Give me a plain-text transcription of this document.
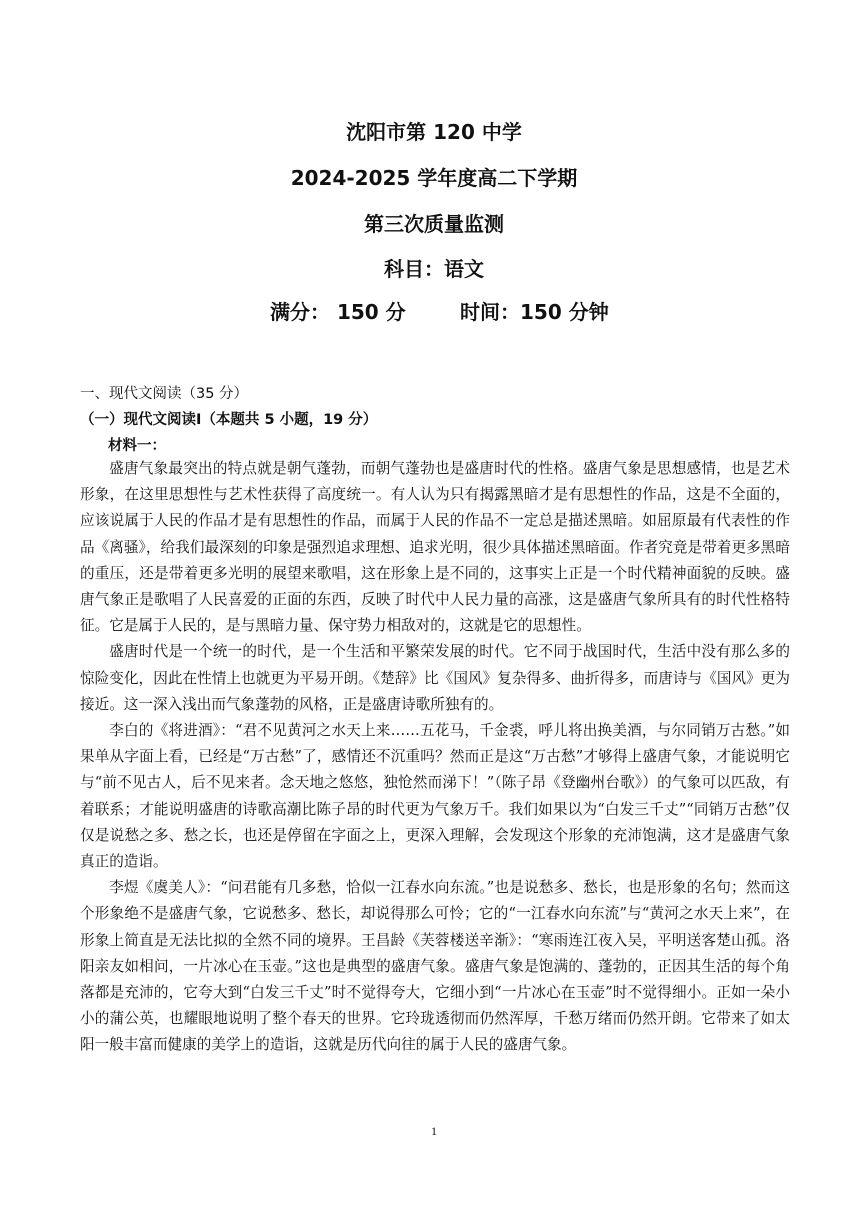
沈阳市第 120 中学
2024-2025 学年度高二下学期
第三次质量监测
科目：语文
满分： 150 分	时间：150 分钟
一、现代文阅读（35 分）
（一）现代文阅读Ⅰ（本题共 5 小题，19 分）
材料一：

盛唐气象最突出的特点就是朝气蓬勃，而朝气蓬勃也是盛唐时代的性格。盛唐气象是思想感情，也是艺术形象，在这里思想性与艺术性获得了高度统一。有人认为只有揭露黑暗才是有思想性的作品，这是不全面的，应该说属于人民的作品才是有思想性的作品，而属于人民的作品不一定总是描述黑暗。如屈原最有代表性的作品《离骚》，给我们最深刻的印象是强烈追求理想、追求光明，很少具体描述黑暗面。作者究竟是带着更多黑暗的重压，还是带着更多光明的展望来歌唱，这在形象上是不同的，这事实上正是一个时代精神面貌的反映。盛唐气象正是歌唱了人民喜爱的正面的东西，反映了时代中人民力量的高涨，这是盛唐气象所具有的时代性格特征。它是属于人民的，是与黑暗力量、保守势力相敌对的，这就是它的思想性。

盛唐时代是一个统一的时代，是一个生活和平繁荣发展的时代。它不同于战国时代，生活中没有那么多的惊险变化，因此在性情上也就更为平易开朗。《楚辞》比《国风》复杂得多、曲折得多，而唐诗与《国风》更为接近。这一深入浅出而气象蓬勃的风格，正是盛唐诗歌所独有的。

李白的《将进酒》：“君不见黄河之水天上来……五花马，千金裘，呼儿将出换美酒，与尔同销万古愁。”如果单从字面上看，已经是“万古愁”了，感情还不沉重吗？然而正是这“万古愁”才够得上盛唐气象，才能说明它与“前不见古人，后不见来者。念天地之悠悠，独怆然而涕下！”（陈子昂《登幽州台歌》）的气象可以匹敌，有着联系；才能说明盛唐的诗歌高潮比陈子昂的时代更为气象万千。我们如果以为“白发三千丈”“同销万古愁”仅仅是说愁之多、愁之长，也还是停留在字面之上，更深入理解，会发现这个形象的充沛饱满，这才是盛唐气象真正的造诣。

李煜《虞美人》：“问君能有几多愁，恰似一江春水向东流。”也是说愁多、愁长，也是形象的名句；然而这个形象绝不是盛唐气象，它说愁多、愁长，却说得那么可怜；它的“一江春水向东流”与“黄河之水天上来”，在形象上简直是无法比拟的全然不同的境界。王昌龄《芙蓉楼送辛渐》：“寒雨连江夜入吴，平明送客楚山孤。洛阳亲友如相问，一片冰心在玉壶。”这也是典型的盛唐气象。盛唐气象是饱满的、蓬勃的，正因其生活的每个角落都是充沛的，它夸大到“白发三千丈”时不觉得夸大，它细小到“一片冰心在玉壶”时不觉得细小。正如一朵小小的蒲公英，也耀眼地说明了整个春天的世界。它玲珑透彻而仍然浑厚，千愁万绪而仍然开朗。它带来了如太阳一般丰富而健康的美学上的造诣，这就是历代向往的属于人民的盛唐气象。

1
